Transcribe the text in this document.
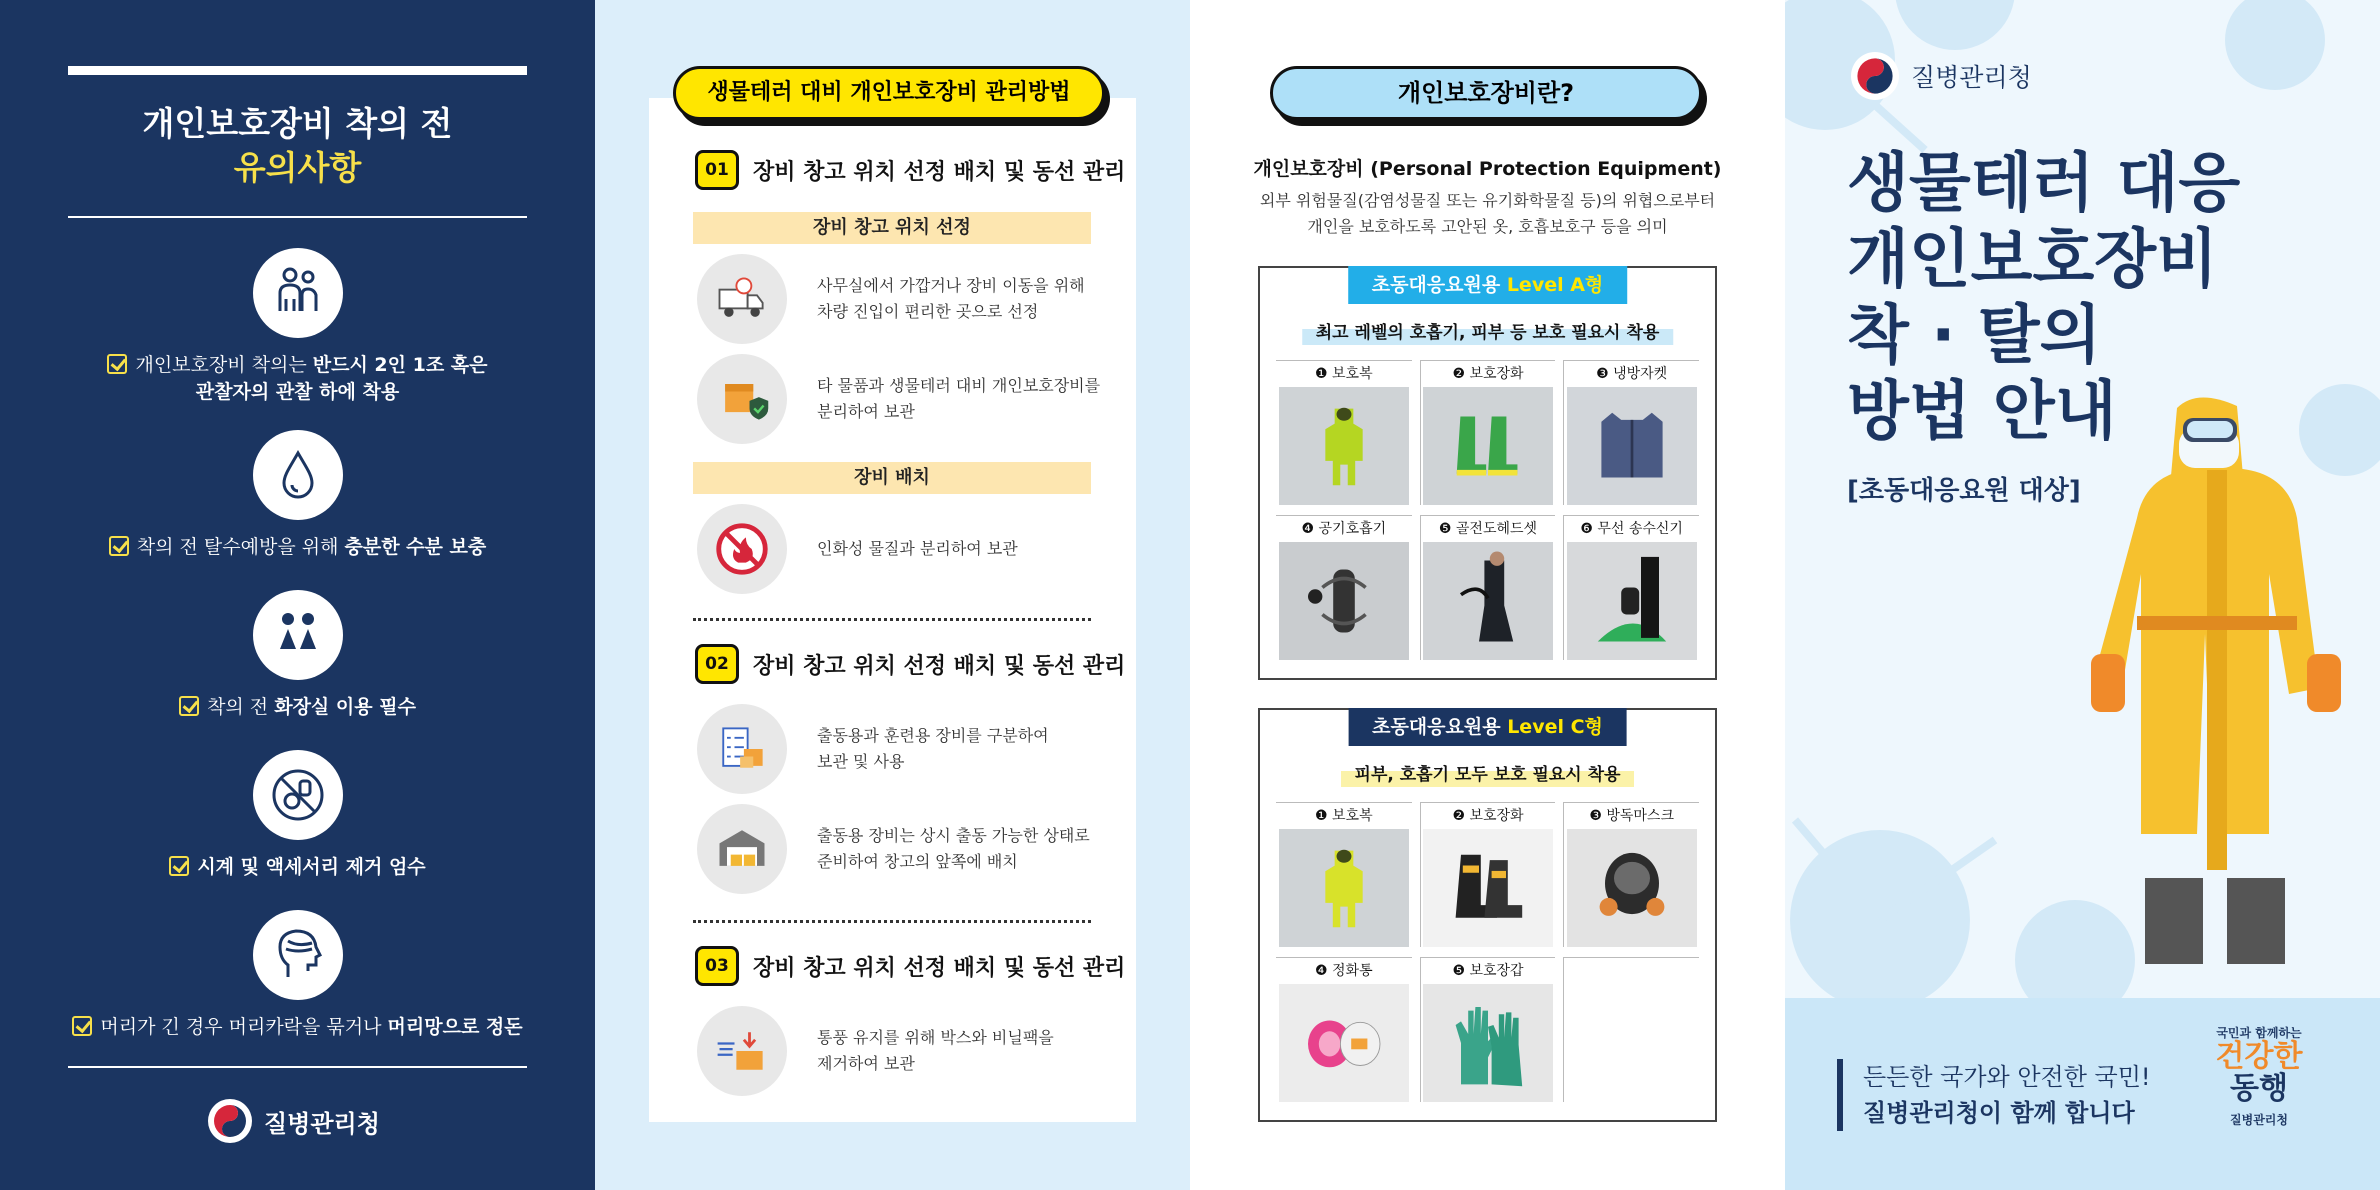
개인보호장비 착의 전
유의사항
개인보호장비 착의는 반드시 2인 1조 혹은
관찰자의 관찰 하에 착용
착의 전 탈수예방을 위해 충분한 수분 보충
착의 전 화장실 이용 필수
시계 및 액세서리 제거 엄수
머리가 긴 경우 머리카락을 묶거나 머리망으로 정돈
질병관리청
01	장비 창고 위치 선정 배치 및 동선 관리
장비 창고 위치 선정
사무실에서 가깝거나 장비 이동을 위해
차량 진입이 편리한 곳으로 선정
타 물품과 생물테러 대비 개인보호장비를
분리하여 보관
장비 배치
인화성 물질과 분리하여 보관
02	장비 창고 위치 선정 배치 및 동선 관리
출동용과 훈련용 장비를 구분하여
보관 및 사용
출동용 장비는 상시 출동 가능한 상태로
준비하여 창고의 앞쪽에 배치
03	장비 창고 위치 선정 배치 및 동선 관리
통풍 유지를 위해 박스와 비닐팩을
제거하여 보관
생물테러 대비 개인보호장비 관리방법	개인보호장비란?
개인보호장비 (Personal Protection Equipment)
외부 위험물질(감염성물질 또는 유기화학물질 등)의 위협으로부터
개인을 보호하도록 고안된 옷, 호흡보호구 등을 의미
초동대응요원용 Level A형
최고 레벨의 호흡기, 피부 등 보호 필요시 착용
❶ 보호복	❷ 보호장화	❸ 냉방자켓
❹ 공기호흡기	❺ 골전도헤드셋	❻ 무선 송수신기
초동대응요원용 Level C형
피부, 호흡기 모두 보호 필요시 착용
❶ 보호복	❷ 보호장화	❸ 방독마스크
❹ 정화통	❺ 보호장갑
질병관리청
생물테러 대응
개인보호장비
착 · 탈의
방법 안내
[초동대응요원 대상]
든든한 국가와 안전한 국민!
질병관리청이 함께 합니다
국민과 함께하는
건강한
동행
질병관리청
